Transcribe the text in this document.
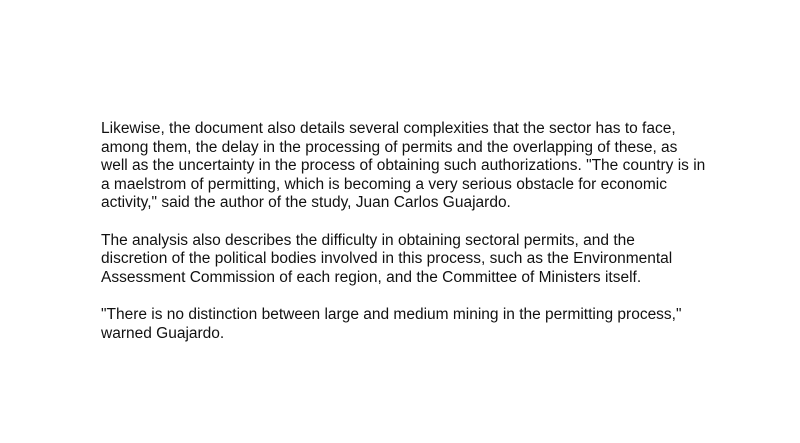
Likewise, the document also details several complexities that the sector has to face,
among them, the delay in the processing of permits and the overlapping of these, as
well as the uncertainty in the process of obtaining such authorizations. "The country is in
a maelstrom of permitting, which is becoming a very serious obstacle for economic
activity," said the author of the study, Juan Carlos Guajardo.

The analysis also describes the difficulty in obtaining sectoral permits, and the
discretion of the political bodies involved in this process, such as the Environmental
Assessment Commission of each region, and the Committee of Ministers itself.

"There is no distinction between large and medium mining in the permitting process,"
warned Guajardo.
